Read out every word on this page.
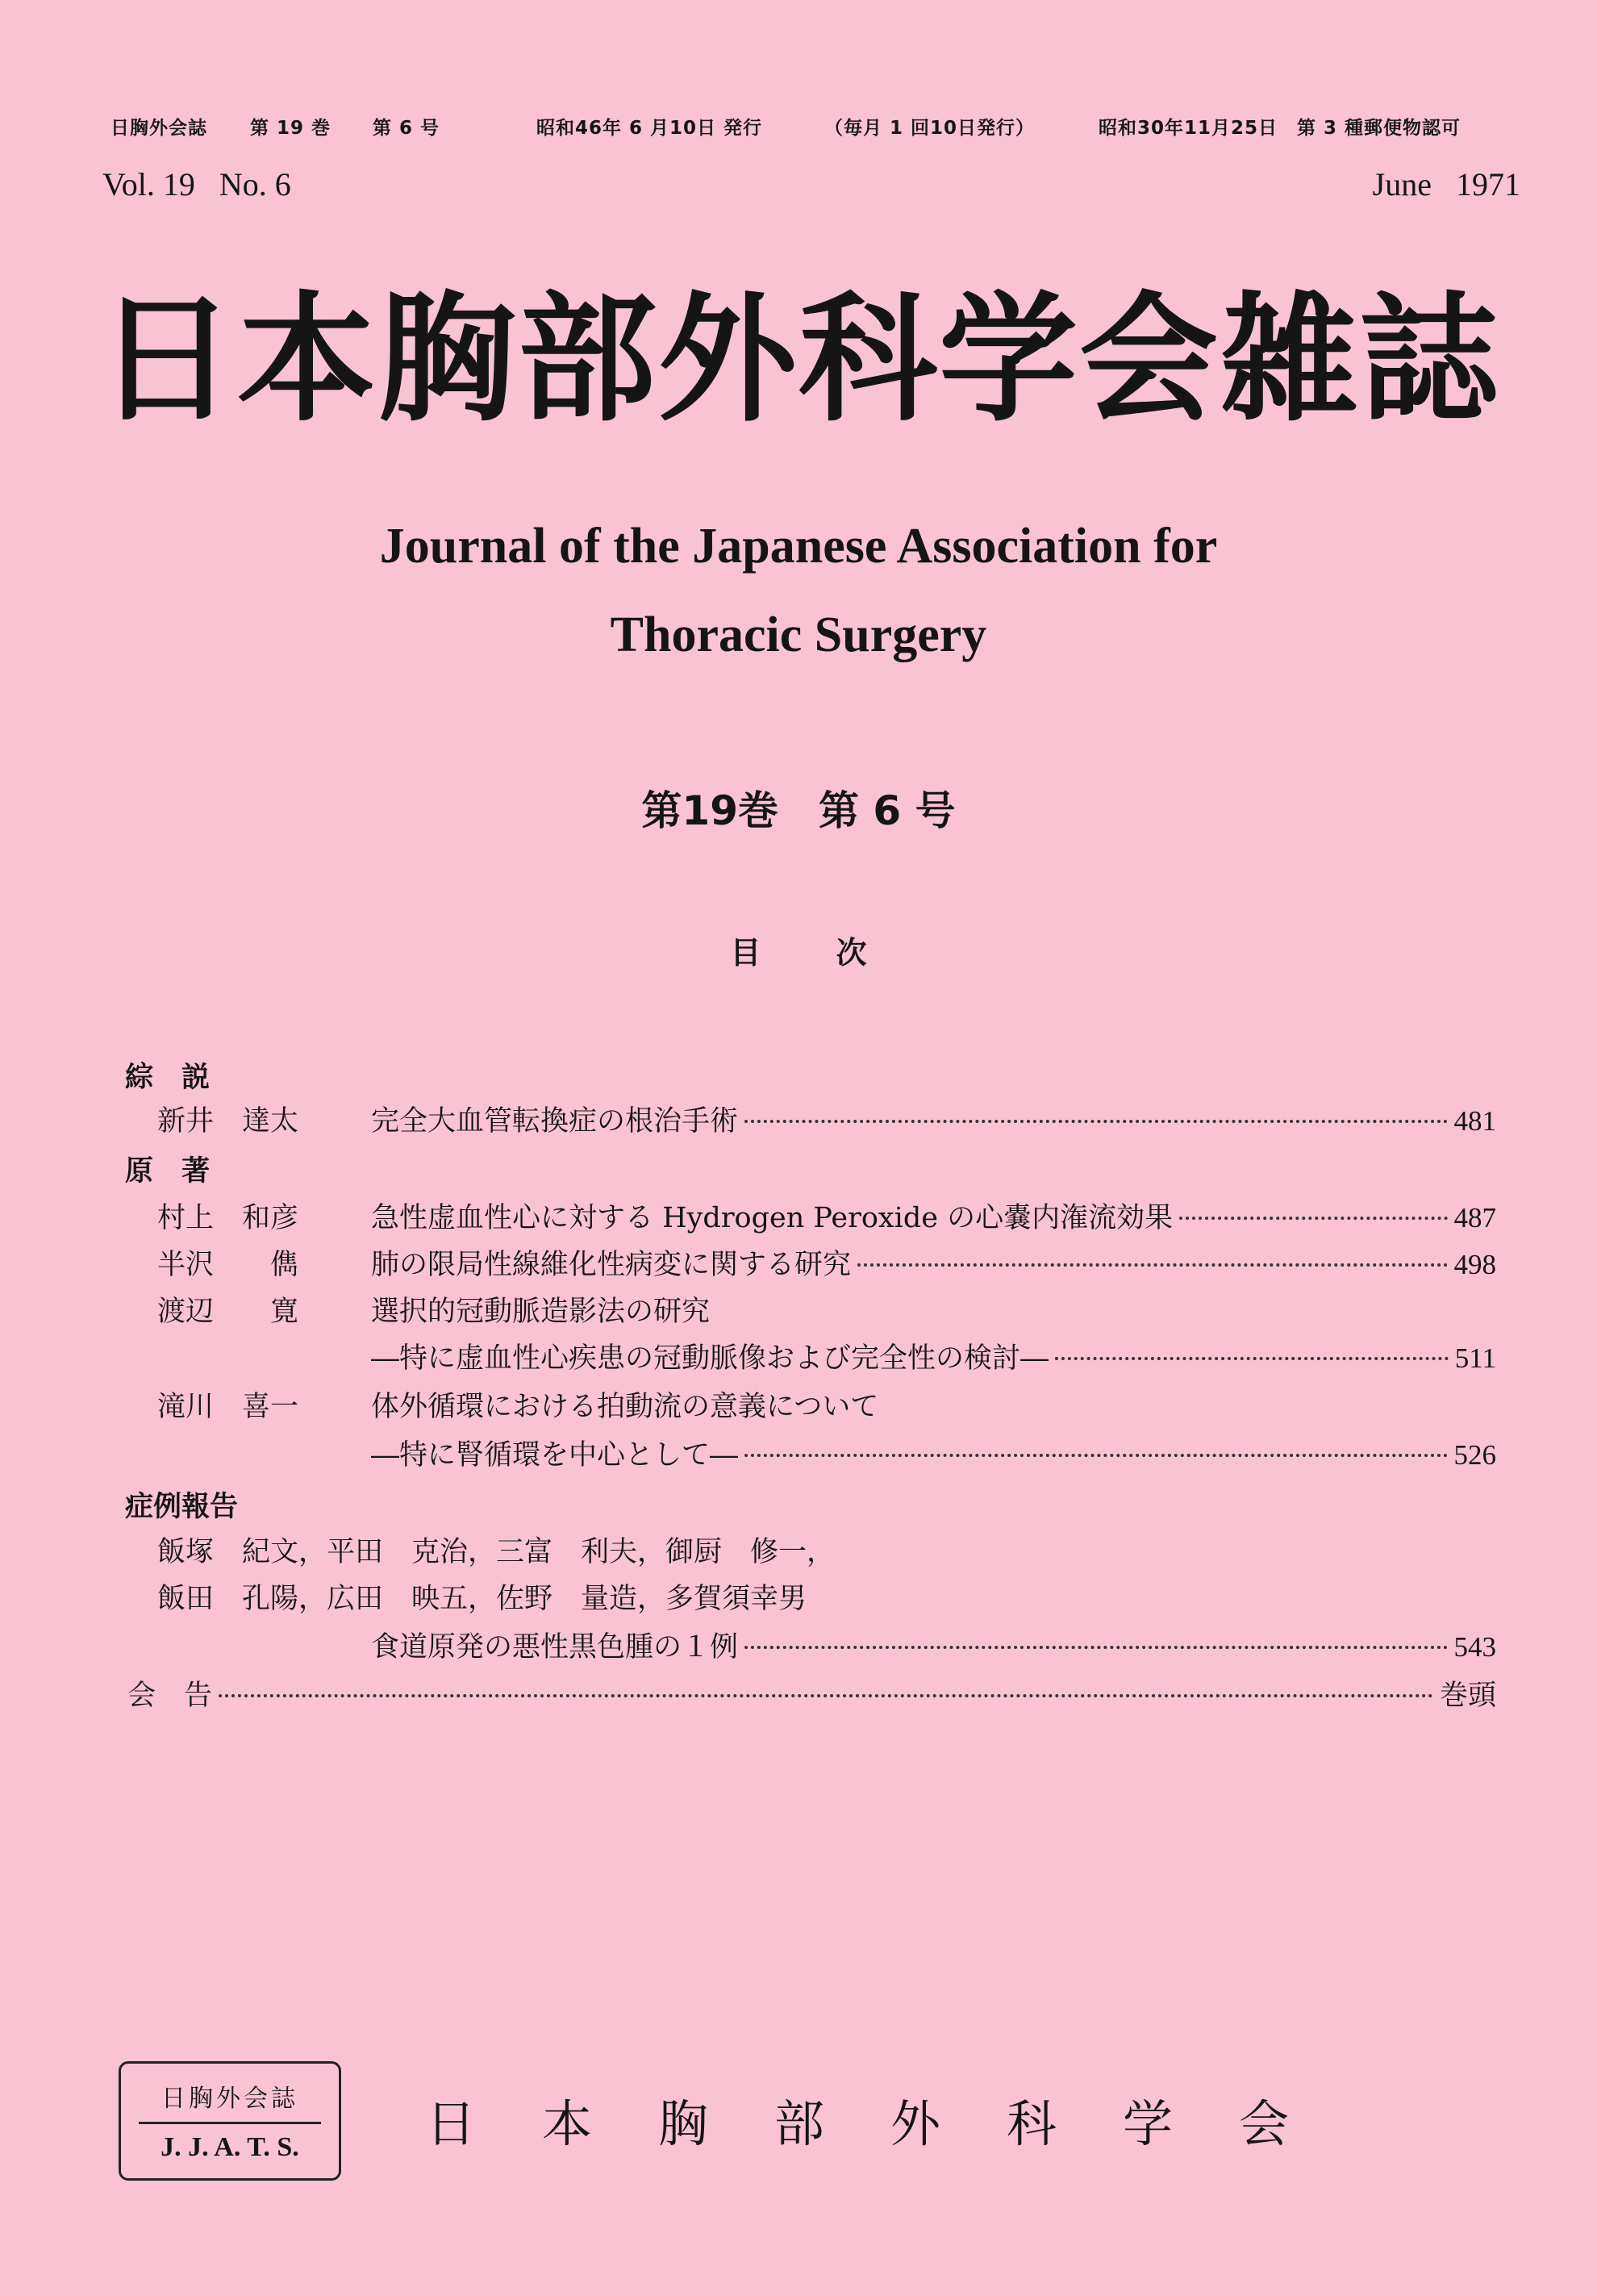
日胸外会誌 第 19 巻 第 6 号	昭和46年 6 月10日 発行	（毎月 1 回10日発行）	昭和30年11月25日　第 3 種郵便物認可
Vol. 19   No. 6	June   1971
日本胸部外科学会雑誌
Journal of the Japanese Association for
Thoracic Surgery
第19巻　第 6 号
目 次
綜　説
新井　達太	完全大血管転換症の根治手術	481
原　著
村上　和彦	急性虚血性心に対する Hydrogen Peroxide の心嚢内潅流効果	487
半沢　　儁	肺の限局性線維化性病変に関する研究	498
渡辺　　寛	選択的冠動脈造影法の研究
―特に虚血性心疾患の冠動脈像および完全性の検討―	511
滝川　喜一	体外循環における拍動流の意義について
―特に腎循環を中心として―	526
症例報告
飯塚　紀文，平田　克治，三富　利夫，御厨　修一，
飯田　孔陽，広田　映五，佐野　量造，多賀須幸男
食道原発の悪性黒色腫の１例	543
会　告	巻頭
日胸外会誌
J. J. A. T. S.	日本胸部外科学会
